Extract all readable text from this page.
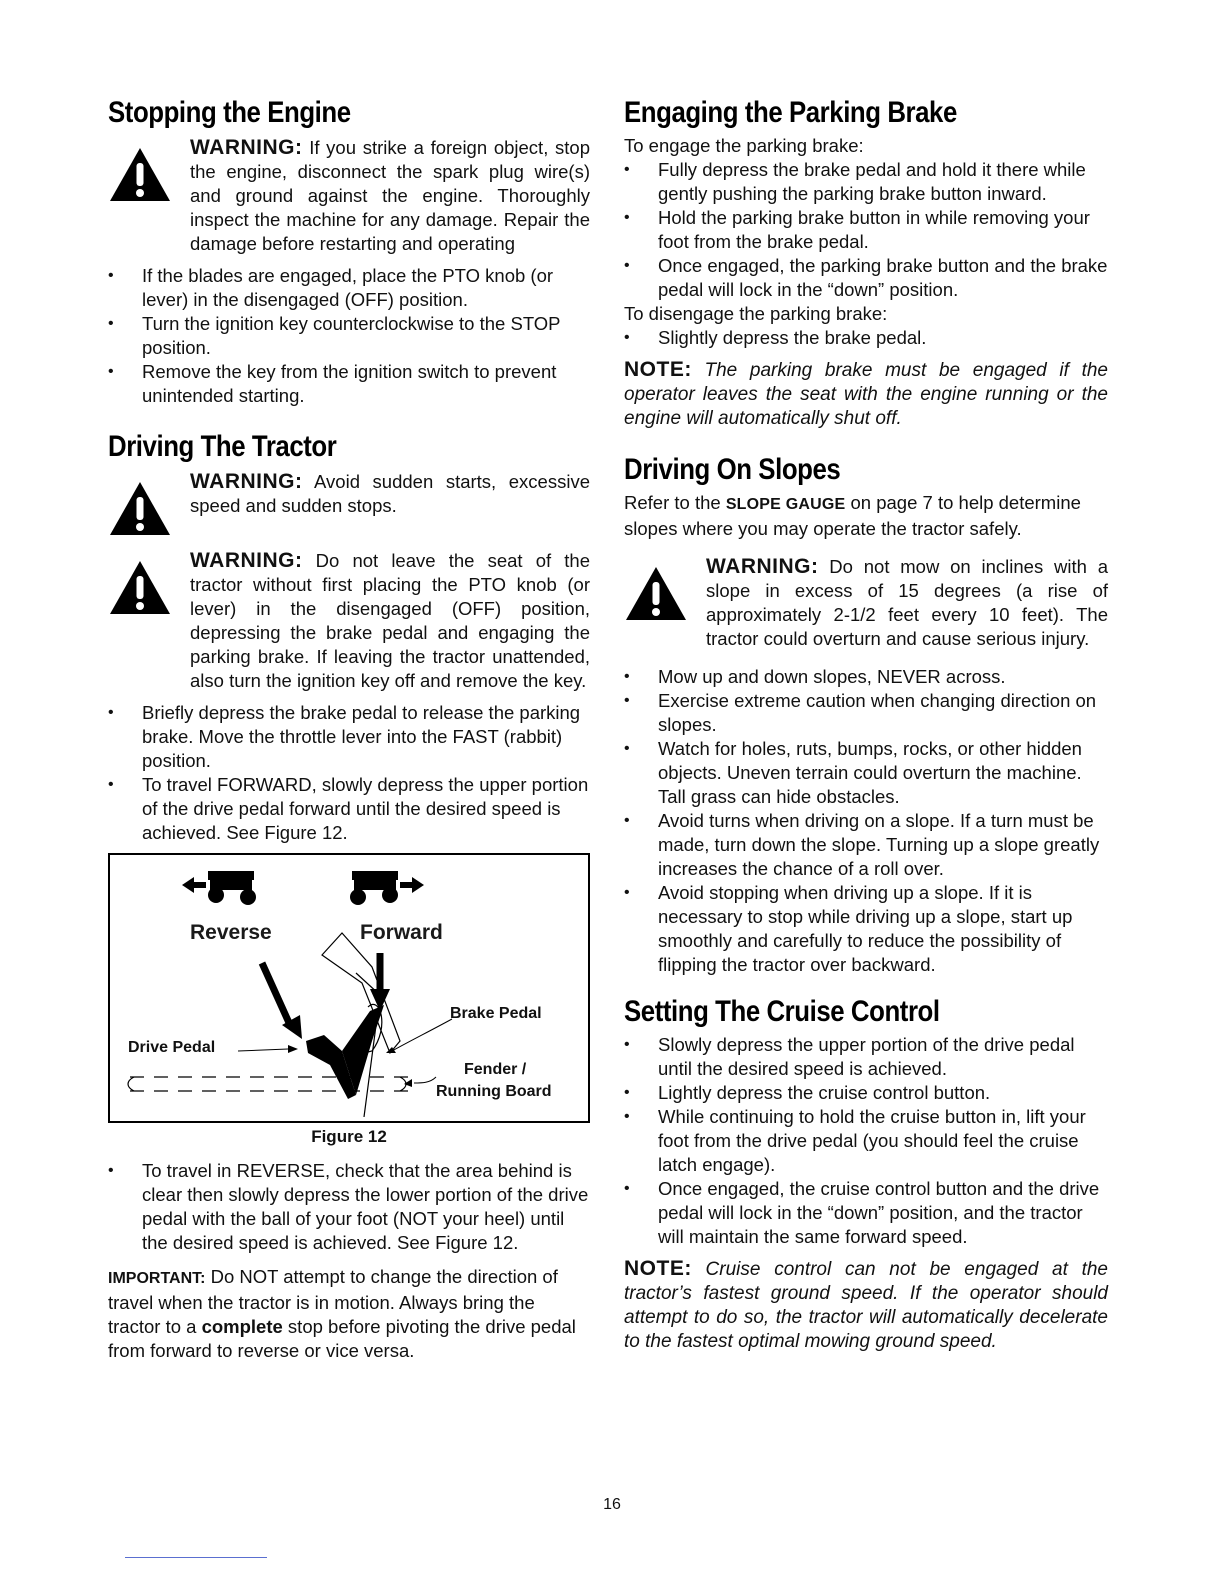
Stopping the Engine
WARNING: If you strike a foreign object, stop the engine, disconnect the spark plug wire(s) and ground against the engine. Thoroughly inspect the machine for any damage. Repair the damage before restarting and operating
• If the blades are engaged, place the PTO knob (or lever) in the disengaged (OFF) position.
• Turn the ignition key counterclockwise to the STOP position.
• Remove the key from the ignition switch to prevent unintended starting.
Driving The Tractor
WARNING: Avoid sudden starts, excessive speed and sudden stops.
WARNING: Do not leave the seat of the tractor without first placing the PTO knob (or lever) in the disengaged (OFF) position, depressing the brake pedal and engaging the parking brake. If leaving the tractor unattended, also turn the ignition key off and remove the key.
• Briefly depress the brake pedal to release the parking brake. Move the throttle lever into the FAST (rabbit) position.
• To travel FORWARD, slowly depress the upper portion of the drive pedal forward until the desired speed is achieved. See Figure 12.
Reverse	Forward
Brake Pedal
Drive Pedal
Fender /
Running Board
Figure 12
• To travel in REVERSE, check that the area behind is clear then slowly depress the lower portion of the drive pedal with the ball of your foot (NOT your heel) until the desired speed is achieved. See Figure 12.

IMPORTANT: Do NOT attempt to change the direction of travel when the tractor is in motion. Always bring the tractor to a complete stop before pivoting the drive pedal from forward to reverse or vice versa.

Engaging the Parking Brake

To engage the parking brake:

• Fully depress the brake pedal and hold it there while gently pushing the parking brake button inward.
• Hold the parking brake button in while removing your foot from the brake pedal.
• Once engaged, the parking brake button and the brake pedal will lock in the “down” position.

To disengage the parking brake:

• Slightly depress the brake pedal.

NOTE: The parking brake must be engaged if the operator leaves the seat with the engine running or the engine will automatically shut off.

Driving On Slopes

Refer to the SLOPE GAUGE on page 7 to help determine slopes where you may operate the tractor safely.

WARNING: Do not mow on inclines with a slope in excess of 15 degrees (a rise of approximately 2-1/2 feet every 10 feet). The tractor could overturn and cause serious injury.
• Mow up and down slopes, NEVER across.
• Exercise extreme caution when changing direction on slopes.
• Watch for holes, ruts, bumps, rocks, or other hidden objects. Uneven terrain could overturn the machine. Tall grass can hide obstacles.
• Avoid turns when driving on a slope. If a turn must be made, turn down the slope. Turning up a slope greatly increases the chance of a roll over.
• Avoid stopping when driving up a slope. If it is necessary to stop while driving up a slope, start up smoothly and carefully to reduce the possibility of flipping the tractor over backward.
Setting The Cruise Control
• Slowly depress the upper portion of the drive pedal until the desired speed is achieved.
• Lightly depress the cruise control button.
• While continuing to hold the cruise button in, lift your foot from the drive pedal (you should feel the cruise latch engage).
• Once engaged, the cruise control button and the drive pedal will lock in the “down” position, and the tractor will maintain the same forward speed.

NOTE: Cruise control can not be engaged at the tractor’s fastest ground speed. If the operator should attempt to do so, the tractor will automatically decelerate to the fastest optimal mowing ground speed.

16
